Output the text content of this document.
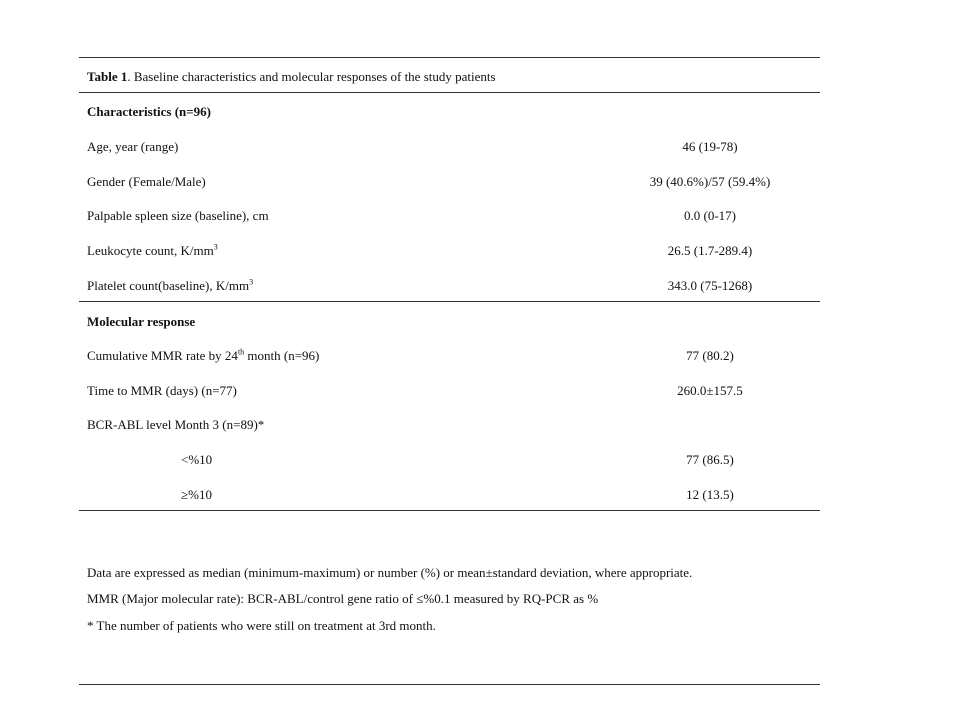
Table 1. Baseline characteristics and molecular responses of the study patients
Characteristics (n=96)
Age, year (range)	46 (19-78)
Gender (Female/Male)	39 (40.6%)/57 (59.4%)
Palpable spleen size (baseline), cm	0.0 (0-17)
Leukocyte count, $K/mm^3$	26.5 (1.7-289.4)
Platelet count(baseline), $K/mm^3$	343.0 (75-1268)
Molecular response
Cumulative MMR rate by 24th month (n=96)	77 (80.2)
Time to MMR (days) (n=77)	260.0±157.5
BCR-ABL level Month 3 (n=89)*
<%10	77 (86.5)
≥%10	12 (13.5)
Data are expressed as median (minimum-maximum) or number (%) or mean±standard deviation, where appropriate.
MMR (Major molecular rate): BCR-ABL/control gene ratio of ≤%0.1 measured by RQ-PCR as %
* The number of patients who were still on treatment at 3rd month.
